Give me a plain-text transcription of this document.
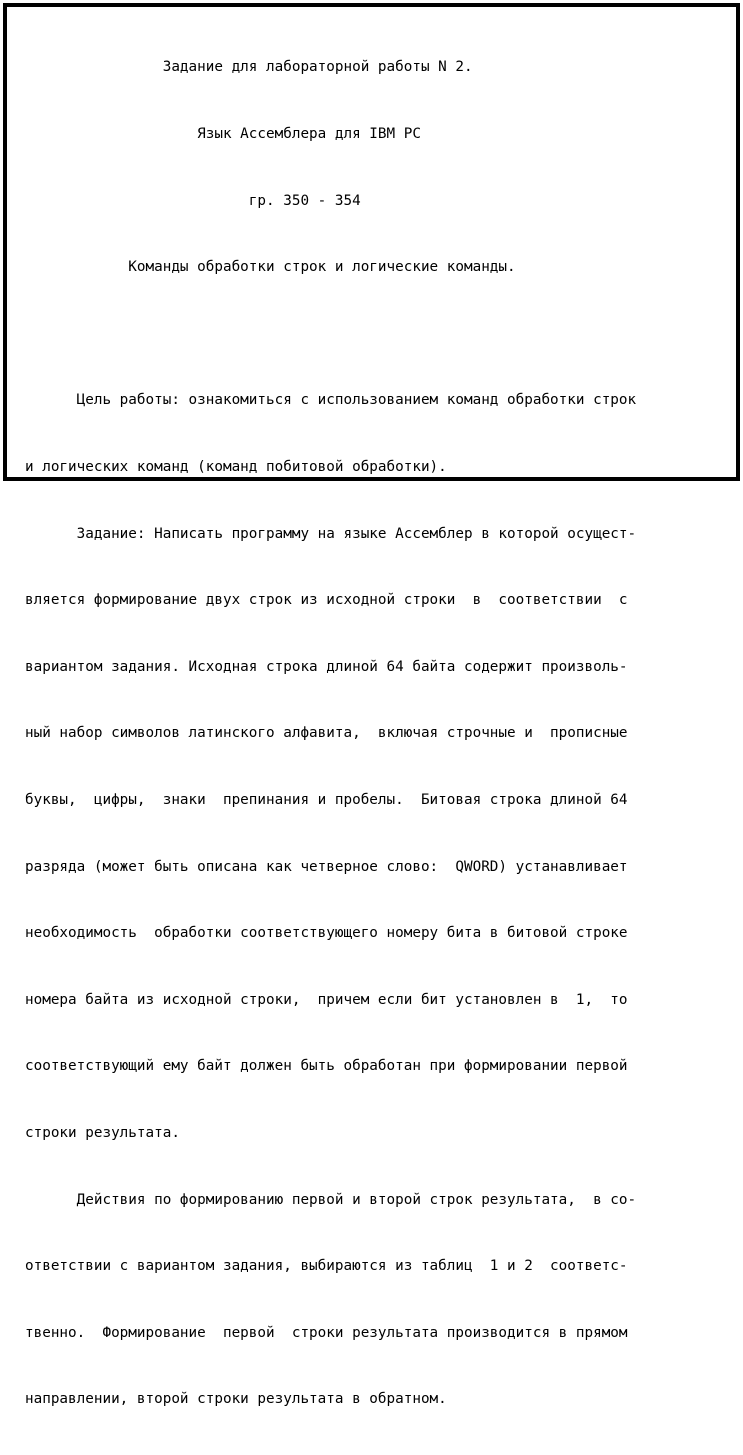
Задание для лабораторной работы N 2.

Язык Ассемблера для IBM PC

гр. 350 - 354

Команды обработки строк и логические команды.

Цель работы: ознакомиться с использованием команд обработки строк

и логических команд (команд побитовой обработки).

Задание: Написать программу на языке Ассемблер в которой осущест-

вляется формирование двух строк из исходной строки  в  соответствии  с

вариантом задания. Исходная строка длиной 64 байта содержит произволь-

ный набор символов латинского алфавита,  включая строчные и  прописные

буквы,  цифры,  знаки  препинания и пробелы.  Битовая строка длиной 64

разряда (может быть описана как четверное слово:  QWORD) устанавливает

необходимость  обработки соответствующего номеру бита в битовой строке

номера байта из исходной строки,  причем если бит установлен в  1,  то

соответствующий ему байт должен быть обработан при формировании первой

строки результата.

Действия по формированию первой и второй строк результата,  в со-

ответствии с вариантом задания, выбираются из таблиц  1 и 2  соответс-

твенно.  Формирование  первой  строки результата производится в прямом

направлении, второй строки результата в обратном.
